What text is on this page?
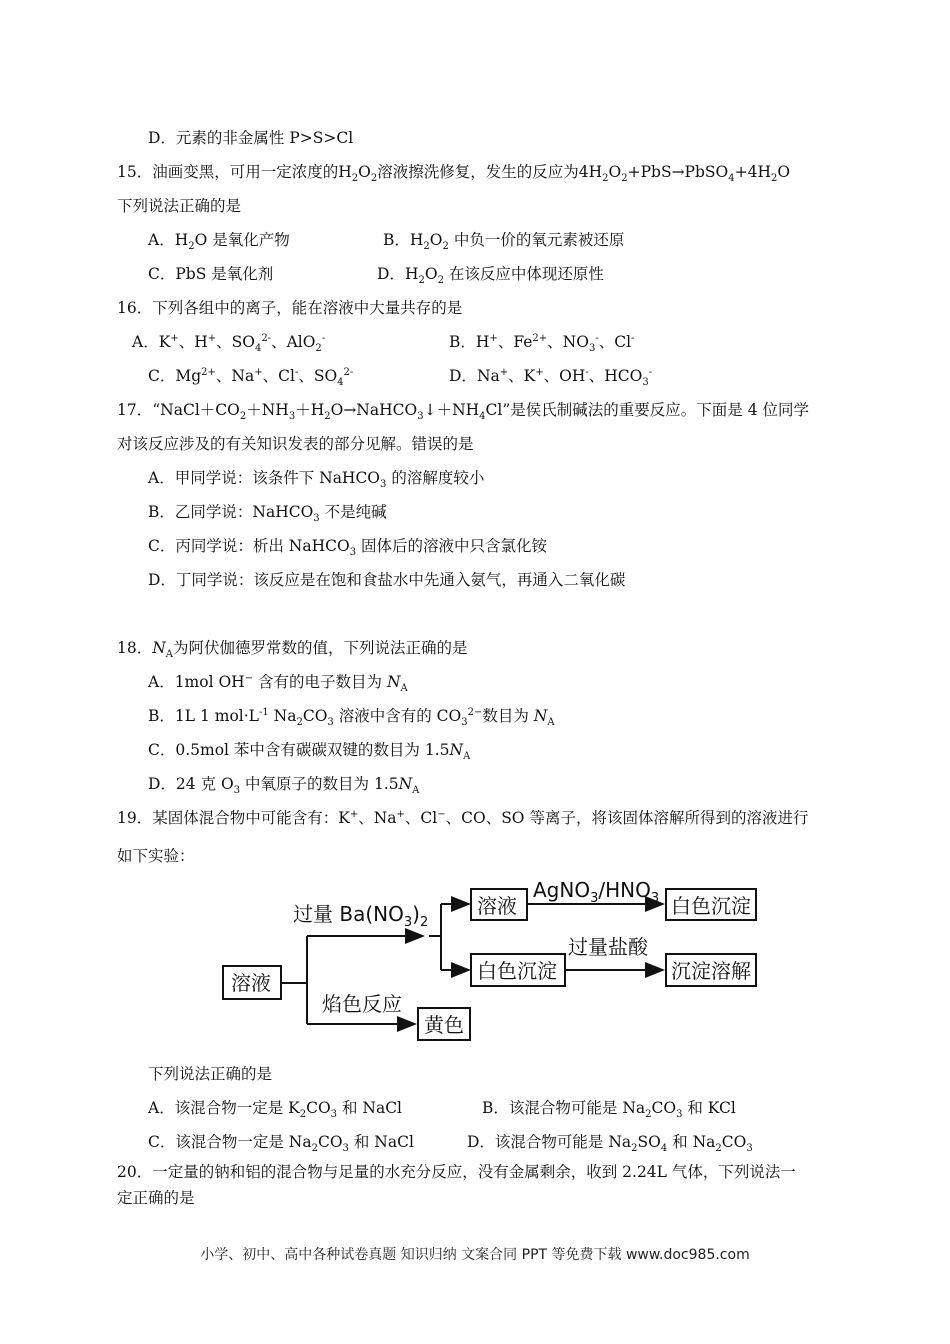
D．元素的非金属性 P>S>Cl
15．油画变黑，可用一定浓度的$H_2O_2$溶液擦洗修复，发生的反应为$4H_2O_2+PbS\to PbSO_4+4H_2O$
下列说法正确的是
A．$H_2O$ 是氧化产物	B．$H_2O_2$ 中负一价的氧元素被还原
C．PbS 是氧化剂	D．$H_2O_2$ 在该反应中体现还原性
16．下列各组中的离子，能在溶液中大量共存的是
A．K+、H+、$SO_4^{2-}$、AlO$_2$-	B．H+、$Fe^{2+}$、$NO_3^-$、Cl-
C．$Mg^{2+}$、Na+、Cl-、$SO_4^{2-}$	D．Na+、K+、OH-、$HCO_3^-$
17．“$NaCl+CO_2+NH_3+H_2O\to NaHCO_3↓+NH_4Cl$”是侯氏制碱法的重要反应。下面是 4 位同学
对该反应涉及的有关知识发表的部分见解。错误的是
A．甲同学说：该条件下 NaHCO$_3$ 的溶解度较小
B．乙同学说：NaHCO$_3$ 不是纯碱
C．丙同学说：析出 NaHCO$_3$ 固体后的溶液中只含氯化铵
D．丁同学说：该反应是在饱和食盐水中先通入氨气，再通入二氧化碳
18．$N_A$为阿伏伽德罗常数的值，下列说法正确的是
A．1mol OH− 含有的电子数目为 $N_A$
B．1L 1 $mol\cdot L^{-1}$ $Na_2CO_3$ 溶液中含有的 $CO_3^{2-}$数目为 $N_A$
C．0.5mol 苯中含有碳碳双键的数目为 $1.5N_A$
D．24 克 $O_3$ 中氧原子的数目为 $1.5N_A$
19．某固体混合物中可能含有：K+、Na+、Cl−、CO、SO 等离子，将该固体溶解所得到的溶液进行
如下实验：
溶液
过量 $Ba(NO_3)_2$
溶液
$AgNO_3/HNO_3$ 白色沉淀
白色沉淀
过量盐酸
沉淀溶解
焰色反应
黄色
下列说法正确的是
A．该混合物一定是 $K_2CO_3$ 和 NaCl	B．该混合物可能是 $Na_2CO_3$ 和 KCl
C．该混合物一定是 $Na_2CO_3$ 和 NaCl	D．该混合物可能是 $Na_2SO_4$ 和 $Na_2CO_3$
20．一定量的钠和铝的混合物与足量的水充分反应，没有金属剩余，收到 2.24L 气体，下列说法一
定正确的是
小学、初中、高中各种试卷真题 知识归纳 文案合同 PPT 等免费下载 www.doc985.com
